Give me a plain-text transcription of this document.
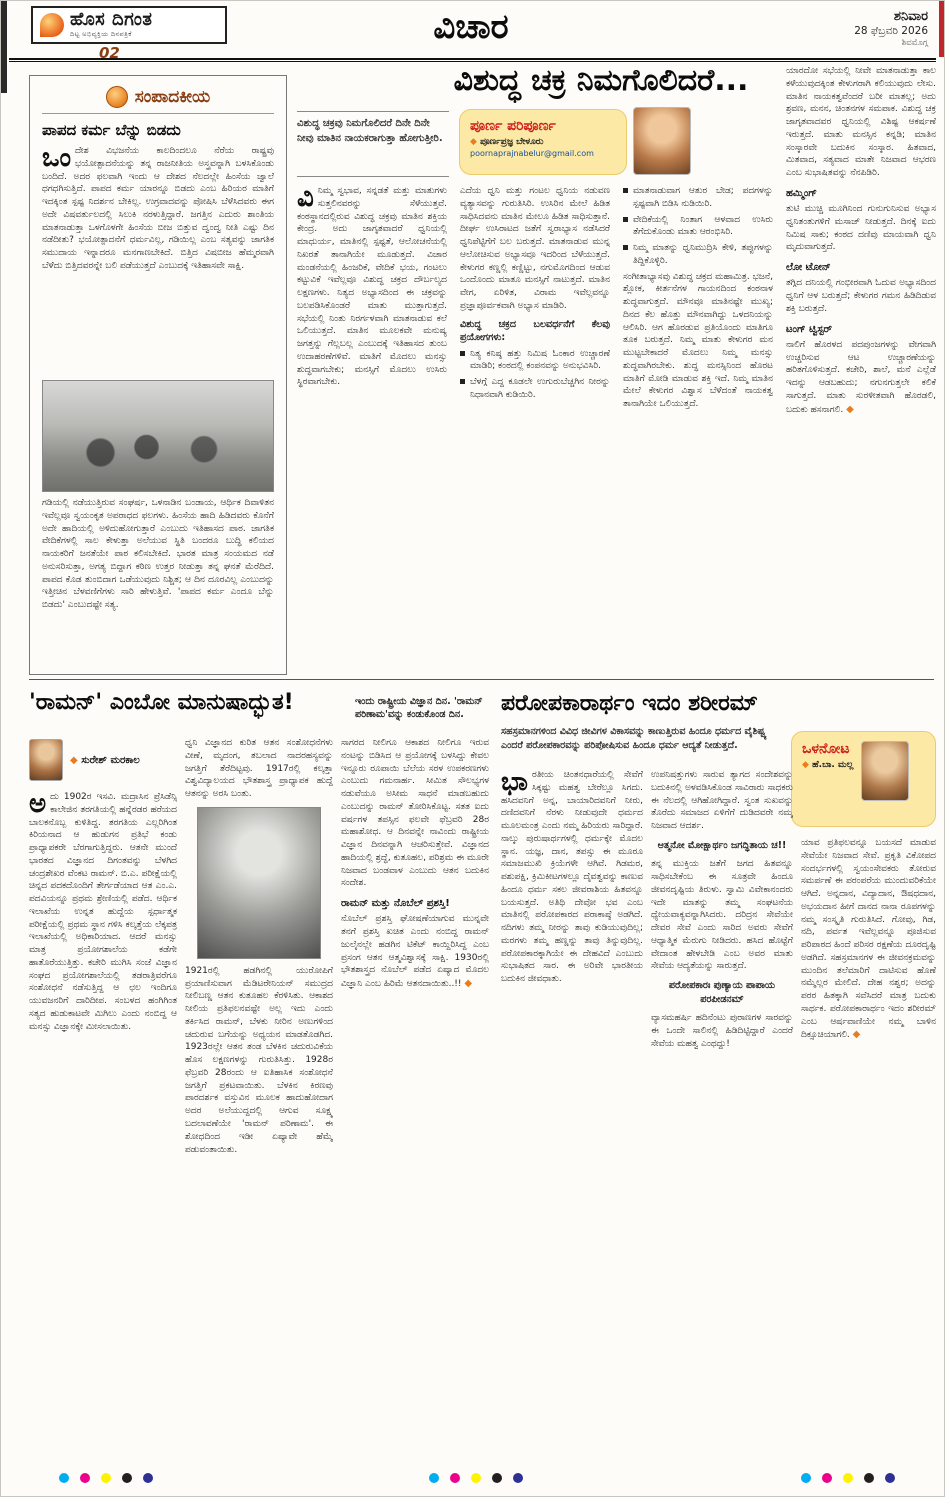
ಹೊಸ ದಿಗಂತ
ದಿಟ್ಟ ಅಭಿವ್ಯಕ್ತಿಯ ದಿನಪತ್ರಿಕೆ
02
ವಿಚಾರ	ಶನಿವಾರ
28 ಫೆಬ್ರವರಿ 2026
ಶಿವಮೊಗ್ಗ
ಸಂಪಾದಕೀಯ
ಪಾಪದ ಕರ್ಮ ಬೆನ್ನು ಬಿಡದು
ಒಂದೇಶ ವಿಭಜನೆಯ ಕಾಲದಿಂದಲೂ ನೆರೆಯ ರಾಷ್ಟ್ರವು ಭಯೋತ್ಪಾದನೆಯನ್ನು ತನ್ನ ರಾಜನೀತಿಯ ಅಸ್ತ್ರವನ್ನಾಗಿ ಬಳಸಿಕೊಂಡು ಬಂದಿದೆ. ಅದರ ಫಲವಾಗಿ ಇಂದು ಆ ದೇಶದ ನೆಲದಲ್ಲೇ ಹಿಂಸೆಯ ಜ್ವಾಲೆ ಧಗಧಗಿಸುತ್ತಿದೆ. ಪಾಪದ ಕರ್ಮ ಯಾರನ್ನೂ ಬಿಡದು ಎಂಬ ಹಿರಿಯರ ಮಾತಿಗೆ ಇದಕ್ಕಿಂತ ಸ್ಪಷ್ಟ ನಿದರ್ಶನ ಬೇಕಿಲ್ಲ. ಉಗ್ರವಾದವನ್ನು ಪೋಷಿಸಿ ಬೆಳೆಸಿದವರು ಈಗ ಅದೇ ವಿಷವರ್ತುಲದಲ್ಲಿ ಸಿಲುಕಿ ನರಳುತ್ತಿದ್ದಾರೆ. ಜಗತ್ತಿನ ಎದುರು ಶಾಂತಿಯ ಮಾತನಾಡುತ್ತಾ ಒಳಗೊಳಗೇ ಹಿಂಸೆಯ ಬೀಜ ಬಿತ್ತುವ ದ್ವಂದ್ವ ನೀತಿ ಎಷ್ಟು ದಿನ ನಡೆದೀತು? ಭಯೋತ್ಪಾದನೆಗೆ ಧರ್ಮವಿಲ್ಲ, ಗಡಿಯಿಲ್ಲ ಎಂಬ ಸತ್ಯವನ್ನು ಜಾಗತಿಕ ಸಮುದಾಯ ಇನ್ನಾದರೂ ಮನಗಾಣಬೇಕಿದೆ. ಬಿತ್ತಿದ ವಿಷಬೀಜ ಹೆಮ್ಮರವಾಗಿ ಬೆಳೆದು ಬಿತ್ತಿದವರನ್ನೇ ಬಲಿ ಪಡೆಯುತ್ತದೆ ಎಂಬುದಕ್ಕೆ ಇತಿಹಾಸವೇ ಸಾಕ್ಷಿ.
ಗಡಿಯಲ್ಲಿ ನಡೆಯುತ್ತಿರುವ ಸಂಘರ್ಷ, ಒಳನಾಡಿನ ಬಂಡಾಯ, ಆರ್ಥಿಕ ದಿವಾಳಿತನ ಇವೆಲ್ಲವೂ ಸ್ವಯಂಕೃತ ಅಪರಾಧದ ಫಲಗಳು. ಹಿಂಸೆಯ ಹಾದಿ ಹಿಡಿದವರು ಕೊನೆಗೆ ಅದೇ ಹಾದಿಯಲ್ಲಿ ಅಳಿದುಹೋಗುತ್ತಾರೆ ಎಂಬುದು ಇತಿಹಾಸದ ಪಾಠ. ಜಾಗತಿಕ ವೇದಿಕೆಗಳಲ್ಲಿ ಸಾಲ ಕೇಳುತ್ತಾ ಅಲೆಯುವ ಸ್ಥಿತಿ ಬಂದರೂ ಬುದ್ಧಿ ಕಲಿಯದ ನಾಯಕರಿಗೆ ಜನತೆಯೇ ಪಾಠ ಕಲಿಸಬೇಕಿದೆ. ಭಾರತ ಮಾತ್ರ ಸಂಯಮದ ನಡೆ ಅನುಸರಿಸುತ್ತಾ, ಅಗತ್ಯ ಬಿದ್ದಾಗ ಕಠಿಣ ಉತ್ತರ ನೀಡುತ್ತಾ ತನ್ನ ಘನತೆ ಮೆರೆದಿದೆ. ಪಾಪದ ಕೊಡ ತುಂಬಿದಾಗ ಒಡೆಯುವುದು ನಿಶ್ಚಿತ; ಆ ದಿನ ದೂರವಿಲ್ಲ ಎಂಬುದನ್ನು ಇತ್ತೀಚಿನ ಬೆಳವಣಿಗೆಗಳು ಸಾರಿ ಹೇಳುತ್ತಿವೆ. 'ಪಾಪದ ಕರ್ಮ ಎಂದೂ ಬೆನ್ನು ಬಿಡದು' ಎಂಬುದಷ್ಟೇ ಸತ್ಯ.
ವಿಶುದ್ಧ ಚಕ್ರ ನಿಮಗೊಲಿದರೆ...
ವಿಶುದ್ಧ ಚಕ್ರವು ನಿಮಗೊಲಿದರೆ ದಿನೇ ದಿನೇ ನೀವು ಮಾತಿನ ನಾಯಕರಾಗುತ್ತಾ ಹೋಗುತ್ತೀರಿ.
ಪೂರ್ಣ ಪರಿಪೂರ್ಣ
◆ ಪೂರ್ಣಪ್ರಜ್ಞ ಬೇಳೂರು
poornaprajnabelur@gmail.com
ವಿನಿಮ್ಮ ಸ್ವಭಾವ, ಸನ್ನಡತೆ ಮತ್ತು ಮಾತುಗಳು ಸುತ್ತಲಿನವರನ್ನು ಸೆಳೆಯುತ್ತವೆ. ಕಂಠಸ್ಥಾನದಲ್ಲಿರುವ ವಿಶುದ್ಧ ಚಕ್ರವು ಮಾತಿನ ಶಕ್ತಿಯ ಕೇಂದ್ರ. ಅದು ಜಾಗೃತವಾದರೆ ಧ್ವನಿಯಲ್ಲಿ ಮಾಧುರ್ಯ, ಮಾತಿನಲ್ಲಿ ಸ್ಪಷ್ಟತೆ, ಆಲೋಚನೆಯಲ್ಲಿ ನಿಖರತೆ ತಾನಾಗಿಯೇ ಮೂಡುತ್ತದೆ. ವಿಚಾರ ಮಂಡನೆಯಲ್ಲಿ ಹಿಂಜರಿಕೆ, ವೇದಿಕೆ ಭಯ, ಗಂಟಲು ಕಟ್ಟುವಿಕೆ ಇವೆಲ್ಲವೂ ವಿಶುದ್ಧ ಚಕ್ರದ ದೌರ್ಬಲ್ಯದ ಲಕ್ಷಣಗಳು. ನಿತ್ಯದ ಅಭ್ಯಾಸದಿಂದ ಈ ಚಕ್ರವನ್ನು ಬಲಪಡಿಸಿಕೊಂಡರೆ ಮಾತು ಮುತ್ತಾಗುತ್ತದೆ. ಸಭೆಯಲ್ಲಿ ನಿಂತು ನಿರರ್ಗಳವಾಗಿ ಮಾತನಾಡುವ ಕಲೆ ಒಲಿಯುತ್ತದೆ. ಮಾತಿನ ಮೂಲಕವೇ ಮನುಷ್ಯ ಜಗತ್ತನ್ನು ಗೆಲ್ಲಬಲ್ಲ ಎಂಬುದಕ್ಕೆ ಇತಿಹಾಸದ ತುಂಬ ಉದಾಹರಣೆಗಳಿವೆ. ಮಾತಿಗೆ ಮೊದಲು ಮನಸ್ಸು ಶುದ್ಧವಾಗಬೇಕು; ಮನಸ್ಸಿಗೆ ಮೊದಲು ಉಸಿರು ಸ್ಥಿರವಾಗಬೇಕು.
ಎದೆಯ ಧ್ವನಿ ಮತ್ತು ಗಂಟಲ ಧ್ವನಿಯ ನಡುವಣ ವ್ಯತ್ಯಾಸವನ್ನು ಗುರುತಿಸಿರಿ. ಉಸಿರಿನ ಮೇಲೆ ಹಿಡಿತ ಸಾಧಿಸಿದವನು ಮಾತಿನ ಮೇಲೂ ಹಿಡಿತ ಸಾಧಿಸುತ್ತಾನೆ. ದೀರ್ಘ ಉಸಿರಾಟದ ಜತೆಗೆ ಸ್ವರಾಭ್ಯಾಸ ನಡೆಸಿದರೆ ಧ್ವನಿಪೆಟ್ಟಿಗೆಗೆ ಬಲ ಬರುತ್ತದೆ. ಮಾತನಾಡುವ ಮುನ್ನ ಆಲೋಚಿಸುವ ಅಭ್ಯಾಸವೂ ಇದರಿಂದ ಬೆಳೆಯುತ್ತದೆ. ಕೇಳುಗರ ಕಣ್ಣಲ್ಲಿ ಕಣ್ಣಿಟ್ಟು, ನಗುಮೊಗದಿಂದ ಆಡುವ ಒಂದೊಂದು ಮಾತೂ ಮನಸ್ಸಿಗೆ ನಾಟುತ್ತದೆ. ಮಾತಿನ ವೇಗ, ಏರಿಳಿತ, ವಿರಾಮ ಇವೆಲ್ಲವನ್ನೂ ಪ್ರಜ್ಞಾಪೂರ್ವಕವಾಗಿ ಅಭ್ಯಾಸ ಮಾಡಿರಿ.
ವಿಶುದ್ಧ ಚಕ್ರದ ಬಲವರ್ಧನೆಗೆ ಕೆಲವು ಪ್ರಯೋಗಗಳು:
ನಿತ್ಯ ಕನಿಷ್ಠ ಹತ್ತು ನಿಮಿಷ ಓಂಕಾರ ಉಚ್ಚಾರಣೆ ಮಾಡಿರಿ; ಕಂಠದಲ್ಲಿ ಕಂಪನವನ್ನು ಅನುಭವಿಸಿರಿ.
ಬೆಳಗ್ಗೆ ಎದ್ದ ಕೂಡಲೇ ಉಗುರುಬೆಚ್ಚಗಿನ ನೀರನ್ನು ನಿಧಾನವಾಗಿ ಕುಡಿಯಿರಿ.
ಮಾತನಾಡುವಾಗ ಆತುರ ಬೇಡ; ಪದಗಳನ್ನು ಸ್ಪಷ್ಟವಾಗಿ ಬಿಡಿಸಿ ನುಡಿಯಿರಿ.
ವೇದಿಕೆಯಲ್ಲಿ ನಿಂತಾಗ ಆಳವಾದ ಉಸಿರು ತೆಗೆದುಕೊಂಡು ಮಾತು ಆರಂಭಿಸಿರಿ.
ನಿಮ್ಮ ಮಾತನ್ನು ಧ್ವನಿಮುದ್ರಿಸಿ ಕೇಳಿ, ತಪ್ಪುಗಳನ್ನು ತಿದ್ದಿಕೊಳ್ಳಿರಿ.
ಸಂಗೀತಾಭ್ಯಾಸವು ವಿಶುದ್ಧ ಚಕ್ರದ ಮಹಾಮಿತ್ರ. ಭಜನೆ, ಶ್ಲೋಕ, ಕೀರ್ತನೆಗಳ ಗಾಯನದಿಂದ ಕಂಠನಾಳ ಶುದ್ಧವಾಗುತ್ತದೆ. ಮೌನವೂ ಮಾತಿನಷ್ಟೇ ಮುಖ್ಯ; ದಿನದ ಕೆಲ ಹೊತ್ತು ಮೌನವಾಗಿದ್ದು ಒಳದನಿಯನ್ನು ಆಲಿಸಿರಿ. ಆಗ ಹೊರಡುವ ಪ್ರತಿಯೊಂದು ಮಾತಿಗೂ ತೂಕ ಬರುತ್ತದೆ. ನಿಮ್ಮ ಮಾತು ಕೇಳುಗರ ಮನ ಮುಟ್ಟಬೇಕಾದರೆ ಮೊದಲು ನಿಮ್ಮ ಮನಸ್ಸು ಶುದ್ಧವಾಗಿರಬೇಕು. ಶುದ್ಧ ಮನಸ್ಸಿನಿಂದ ಹೊರಟ ಮಾತಿಗೆ ಮೋಡಿ ಮಾಡುವ ಶಕ್ತಿ ಇದೆ. ನಿಮ್ಮ ಮಾತಿನ ಮೇಲೆ ಕೇಳುಗರ ವಿಶ್ವಾಸ ಬೆಳೆದಂತೆ ನಾಯಕತ್ವ ತಾನಾಗಿಯೇ ಒಲಿಯುತ್ತದೆ.
ಯಾರದೋ ಸಭೆಯಲ್ಲಿ ನೀವೇ ಮಾತನಾಡುತ್ತಾ ಕಾಲ ಕಳೆಯುವುದಕ್ಕಿಂತ ಕೇಳುಗರಾಗಿ ಕಲಿಯುವುದು ಲೇಸು. ಮಾತಿನ ನಾಯಕತ್ವವೆಂದರೆ ಬರೀ ಮಾತಲ್ಲ; ಅದು ಶ್ರವಣ, ಮನನ, ಚಿಂತನಗಳ ಸಮಪಾಕ. ವಿಶುದ್ಧ ಚಕ್ರ ಜಾಗೃತವಾದವರ ಧ್ವನಿಯಲ್ಲಿ ವಿಶಿಷ್ಟ ಆಕರ್ಷಣೆ ಇರುತ್ತದೆ. ಮಾತು ಮನಸ್ಸಿನ ಕನ್ನಡಿ; ಮಾತಿನ ಸಂಸ್ಕಾರವೇ ಬದುಕಿನ ಸಂಸ್ಕಾರ. ಹಿತವಾದ, ಮಿತವಾದ, ಸತ್ಯವಾದ ಮಾತೇ ನಿಜವಾದ ಆಭರಣ ಎಂಬ ಸುಭಾಷಿತವನ್ನು ನೆನಪಿಡಿರಿ.
ಹಮ್ಮಿಂಗ್
ತುಟಿ ಮುಚ್ಚಿ ಮೂಗಿನಿಂದ ಗುನುಗುನಿಸುವ ಅಭ್ಯಾಸ ಧ್ವನಿತಂತುಗಳಿಗೆ ಮಸಾಜ್ ನೀಡುತ್ತದೆ. ದಿನಕ್ಕೆ ಐದು ನಿಮಿಷ ಸಾಕು; ಕಂಠದ ದಣಿವು ಮಾಯವಾಗಿ ಧ್ವನಿ ಮೃದುವಾಗುತ್ತದೆ.
ಲೋ ಟೋನ್
ತಗ್ಗಿದ ದನಿಯಲ್ಲಿ ಗಂಭೀರವಾಗಿ ಓದುವ ಅಭ್ಯಾಸದಿಂದ ಧ್ವನಿಗೆ ಆಳ ಬರುತ್ತದೆ; ಕೇಳುಗರ ಗಮನ ಹಿಡಿದಿಡುವ ಶಕ್ತಿ ಬರುತ್ತದೆ.
ಟಂಗ್ ಟ್ವಿಸ್ಟರ್
ನಾಲಿಗೆ ಹೊರಳದ ಪದಪುಂಜಗಳನ್ನು ವೇಗವಾಗಿ ಉಚ್ಚರಿಸುವ ಆಟ ಉಚ್ಚಾರಣೆಯನ್ನು ಹರಿತಗೊಳಿಸುತ್ತದೆ. ಕಚೇರಿ, ಶಾಲೆ, ಮನೆ ಎಲ್ಲೆಡೆ ಇದನ್ನು ಆಡಬಹುದು; ನಗುನಗುತ್ತಲೇ ಕಲಿಕೆ ಸಾಗುತ್ತದೆ. ಮಾತು ಸುರಳೀತವಾಗಿ ಹೊರಡಲಿ, ಬದುಕು ಹಸನಾಗಲಿ. ◆
'ರಾಮನ್' ಎಂಬೋ ಮಾನುಷಾದ್ಭುತ!	ಇಂದು ರಾಷ್ಟ್ರೀಯ ವಿಜ್ಞಾನ ದಿನ. 'ರಾಮನ್ ಪರಿಣಾಮ'ವನ್ನು ಕಂಡುಕೊಂಡ ದಿನ.
◆ ಸುರೇಶ್ ಮರಕಾಲ
ಅದು 1902ರ ಇಸವಿ. ಮದ್ರಾಸಿನ ಪ್ರೆಸಿಡೆನ್ಸಿ ಕಾಲೇಜಿನ ತರಗತಿಯಲ್ಲಿ ಹನ್ನೆರಡರ ಹರೆಯದ ಬಾಲಕನೊಬ್ಬ ಕುಳಿತಿದ್ದ. ತರಗತಿಯ ಎಲ್ಲರಿಗಿಂತ ಕಿರಿಯನಾದ ಆ ಹುಡುಗನ ಪ್ರತಿಭೆ ಕಂಡು ಪ್ರಾಧ್ಯಾಪಕರೇ ಬೆರಗಾಗುತ್ತಿದ್ದರು. ಆತನೇ ಮುಂದೆ ಭಾರತದ ವಿಜ್ಞಾನದ ದಿಗಂತವನ್ನು ಬೆಳಗಿದ ಚಂದ್ರಶೇಖರ ವೆಂಕಟ ರಾಮನ್. ಬಿ.ಎ. ಪರೀಕ್ಷೆಯಲ್ಲಿ ಚಿನ್ನದ ಪದಕದೊಂದಿಗೆ ತೇರ್ಗಡೆಯಾದ ಆತ ಎಂ.ಎ. ಪದವಿಯನ್ನೂ ಪ್ರಥಮ ಶ್ರೇಣಿಯಲ್ಲಿ ಪಡೆದ. ಆರ್ಥಿಕ ಇಲಾಖೆಯ ಉನ್ನತ ಹುದ್ದೆಯ ಸ್ಪರ್ಧಾತ್ಮಕ ಪರೀಕ್ಷೆಯಲ್ಲಿ ಪ್ರಥಮ ಸ್ಥಾನ ಗಳಿಸಿ ಕಲ್ಕತ್ತೆಯ ಲೆಕ್ಕಪತ್ರ ಇಲಾಖೆಯಲ್ಲಿ ಅಧಿಕಾರಿಯಾದ. ಆದರೆ ಮನಸ್ಸು ಮಾತ್ರ ಪ್ರಯೋಗಶಾಲೆಯ ಕಡೆಗೇ ಹಾತೊರೆಯುತ್ತಿತ್ತು. ಕಚೇರಿ ಮುಗಿಸಿ ಸಂಜೆ ವಿಜ್ಞಾನ ಸಂಘದ ಪ್ರಯೋಗಶಾಲೆಯಲ್ಲಿ ತಡರಾತ್ರಿವರೆಗೂ ಸಂಶೋಧನೆ ನಡೆಸುತ್ತಿದ್ದ ಆ ಛಲ ಇಂದಿಗೂ ಯುವಜನರಿಗೆ ದಾರಿದೀಪ. ಸಂಬಳದ ಹಂಗಿಗಿಂತ ಸತ್ಯದ ಹುಡುಕಾಟವೇ ಮಿಗಿಲು ಎಂದು ನಂಬಿದ್ದ ಆ ಮನಸ್ಸು ವಿಜ್ಞಾನಕ್ಕೇ ಮೀಸಲಾಯಿತು.
ಧ್ವನಿ ವಿಜ್ಞಾನದ ಕುರಿತ ಆತನ ಸಂಶೋಧನೆಗಳು ವೀಣೆ, ಮೃದಂಗ, ತಬಲಾದ ನಾದರಹಸ್ಯವನ್ನು ಜಗತ್ತಿಗೆ ತೆರೆದಿಟ್ಟವು. 1917ರಲ್ಲಿ ಕಲ್ಕತ್ತಾ ವಿಶ್ವವಿದ್ಯಾಲಯದ ಭೌತಶಾಸ್ತ್ರ ಪ್ರಾಧ್ಯಾಪಕ ಹುದ್ದೆ ಆತನನ್ನು ಅರಸಿ ಬಂತು.
1921ರಲ್ಲಿ ಹಡಗಿನಲ್ಲಿ ಯುರೋಪಿಗೆ ಪ್ರಯಾಣಿಸುವಾಗ ಮೆಡಿಟರೇನಿಯನ್ ಸಮುದ್ರದ ನೀಲಿಬಣ್ಣ ಆತನ ಕುತೂಹಲ ಕೆರಳಿಸಿತು. ಆಕಾಶದ ನೀಲಿಯ ಪ್ರತಿಫಲನವಷ್ಟೇ ಅಲ್ಲ ಇದು ಎಂದು ತರ್ಕಿಸಿದ ರಾಮನ್, ಬೆಳಕು ನೀರಿನ ಅಣುಗಳಿಂದ ಚದುರುವ ಬಗೆಯನ್ನು ಅಧ್ಯಯನ ಮಾಡತೊಡಗಿದ. 1923ರಲ್ಲೇ ಆತನ ತಂಡ ಬೆಳಕಿನ ಚದುರುವಿಕೆಯ ಹೊಸ ಲಕ್ಷಣಗಳನ್ನು ಗುರುತಿಸಿತ್ತು. 1928ರ ಫೆಬ್ರವರಿ 28ರಂದು ಆ ಐತಿಹಾಸಿಕ ಸಂಶೋಧನೆ ಜಗತ್ತಿಗೆ ಪ್ರಕಟವಾಯಿತು. ಬೆಳಕಿನ ಕಿರಣವು ಪಾರದರ್ಶಕ ವಸ್ತುವಿನ ಮೂಲಕ ಹಾದುಹೋದಾಗ ಅದರ ಅಲೆಯುದ್ದದಲ್ಲಿ ಆಗುವ ಸೂಕ್ಷ್ಮ ಬದಲಾವಣೆಯೇ 'ರಾಮನ್ ಪರಿಣಾಮ'. ಈ ಶೋಧದಿಂದ ಇಡೀ ಏಷ್ಯಾವೇ ಹೆಮ್ಮೆ ಪಡುವಂತಾಯಿತು.
ಸಾಗರದ ನೀಲಿಗೂ ಆಕಾಶದ ನೀಲಿಗೂ ಇರುವ ನಂಟನ್ನು ಬಿಡಿಸಿದ ಆ ಪ್ರಯೋಗಕ್ಕೆ ಬಳಸಿದ್ದು ಕೇವಲ ಇನ್ನೂರು ರೂಪಾಯಿ ಬೆಲೆಯ ಸರಳ ಉಪಕರಣಗಳು ಎಂಬುದು ಗಮನಾರ್ಹ. ಸೀಮಿತ ಸೌಲಭ್ಯಗಳ ನಡುವೆಯೂ ಅಸೀಮ ಸಾಧನೆ ಮಾಡಬಹುದು ಎಂಬುದನ್ನು ರಾಮನ್ ತೋರಿಸಿಕೊಟ್ಟ. ಸತತ ಐದು ವರ್ಷಗಳ ತಪಸ್ಸಿನ ಫಲವೇ ಫೆಬ್ರವರಿ 28ರ ಮಹಾಶೋಧ. ಆ ದಿನವನ್ನೇ ನಾವಿಂದು ರಾಷ್ಟ್ರೀಯ ವಿಜ್ಞಾನ ದಿನವನ್ನಾಗಿ ಆಚರಿಸುತ್ತೇವೆ. ವಿಜ್ಞಾನದ ಹಾದಿಯಲ್ಲಿ ಶ್ರದ್ಧೆ, ಕುತೂಹಲ, ಪರಿಶ್ರಮ ಈ ಮೂರೇ ನಿಜವಾದ ಬಂಡವಾಳ ಎಂಬುದು ಆತನ ಬದುಕಿನ ಸಂದೇಶ.
ರಾಮನ್ ಮತ್ತು ನೊಬೆಲ್ ಪ್ರಶಸ್ತಿ!
ನೊಬೆಲ್ ಪ್ರಶಸ್ತಿ ಘೋಷಣೆಯಾಗುವ ಮುನ್ನವೇ ತನಗೆ ಪ್ರಶಸ್ತಿ ಖಚಿತ ಎಂದು ನಂಬಿದ್ದ ರಾಮನ್ ಜುಲೈನಲ್ಲೇ ಹಡಗಿನ ಟಿಕೆಟ್ ಕಾಯ್ದಿರಿಸಿದ್ದ ಎಂಬ ಪ್ರಸಂಗ ಆತನ ಆತ್ಮವಿಶ್ವಾಸಕ್ಕೆ ಸಾಕ್ಷಿ. 1930ರಲ್ಲಿ ಭೌತಶಾಸ್ತ್ರದ ನೊಬೆಲ್ ಪಡೆದ ಏಷ್ಯಾದ ಮೊದಲ ವಿಜ್ಞಾನಿ ಎಂಬ ಹಿರಿಮೆ ಆತನದಾಯಿತು..!! ◆
ಪರೋಪಕಾರಾರ್ಥಂ ಇದಂ ಶರೀರಮ್
ಸಹಸ್ರಮಾನಗಳಿಂದ ವಿವಿಧ ಜೀವಿಗಳ ವಿಕಾಸವನ್ನು ಕಾಣುತ್ತಿರುವ ಹಿಂದೂ ಧರ್ಮದ ವೈಶಿಷ್ಟ್ಯ ಎಂದರೆ ಪರೋಪಕಾರವನ್ನು ಪರಿಪೋಷಿಸುವ ಹಿಂದೂ ಧರ್ಮ ಆದ್ಯತೆ ನೀಡುತ್ತದೆ.	ಒಳನೋಟ
◆ ಹೆ.ಬಾ. ಮಲ್ಲ
ಭಾರತೀಯ ಚಿಂತನಧಾರೆಯಲ್ಲಿ ಸೇವೆಗೆ ಸಿಕ್ಕಷ್ಟು ಮಹತ್ವ ಬೇರೆಲ್ಲೂ ಸಿಗದು. ಹಸಿದವನಿಗೆ ಅನ್ನ, ಬಾಯಾರಿದವನಿಗೆ ನೀರು, ದಣಿದವನಿಗೆ ನೆರಳು ನೀಡುವುದೇ ಧರ್ಮದ ಮೂಲಮಂತ್ರ ಎಂದು ನಮ್ಮ ಹಿರಿಯರು ಸಾರಿದ್ದಾರೆ. ನಾಲ್ಕು ಪುರುಷಾರ್ಥಗಳಲ್ಲಿ ಧರ್ಮಕ್ಕೇ ಮೊದಲ ಸ್ಥಾನ. ಯಜ್ಞ, ದಾನ, ತಪಸ್ಸು ಈ ಮೂರೂ ಸಮಾಜಮುಖಿ ಕ್ರಿಯೆಗಳೇ ಆಗಿವೆ. ಗಿಡಮರ, ಪಶುಪಕ್ಷಿ, ಕ್ರಿಮಿಕೀಟಗಳಲ್ಲೂ ದೈವತ್ವವನ್ನು ಕಾಣುವ ಹಿಂದೂ ಧರ್ಮ ಸಕಲ ಜೀವರಾಶಿಯ ಹಿತವನ್ನೂ ಬಯಸುತ್ತದೆ. ಅತಿಥಿ ದೇವೋ ಭವ ಎಂಬ ಮಾತಿನಲ್ಲಿ ಪರೋಪಕಾರದ ಪರಾಕಾಷ್ಠೆ ಅಡಗಿದೆ. ನದಿಗಳು ತಮ್ಮ ನೀರನ್ನು ತಾವು ಕುಡಿಯುವುದಿಲ್ಲ; ಮರಗಳು ತಮ್ಮ ಹಣ್ಣನ್ನು ತಾವು ತಿನ್ನುವುದಿಲ್ಲ. ಪರೋಪಕಾರಕ್ಕಾಗಿಯೇ ಈ ದೇಹವಿದೆ ಎಂಬುದು ಸುಭಾಷಿತದ ಸಾರ. ಈ ಅರಿವೇ ಭಾರತೀಯ ಬದುಕಿನ ಜೀವಧಾತು.
ಉಪನಿಷತ್ತುಗಳು ಸಾರುವ ತ್ಯಾಗದ ಸಂದೇಶವನ್ನು ಬದುಕಿನಲ್ಲಿ ಅಳವಡಿಸಿಕೊಂಡ ಸಾವಿರಾರು ಸಾಧಕರು ಈ ನೆಲದಲ್ಲಿ ಆಗಿಹೋಗಿದ್ದಾರೆ. ಸ್ವಂತ ಸುಖವನ್ನು ತೊರೆದು ಸಮಾಜದ ಏಳಿಗೆಗೆ ದುಡಿದವರೇ ನಮ್ಮ ನಿಜವಾದ ಆದರ್ಶ.
ಆತ್ಮನೋ ಮೋಕ್ಷಾರ್ಥಂ ಜಗದ್ಧಿತಾಯ ಚ!!
ತನ್ನ ಮುಕ್ತಿಯ ಜತೆಗೆ ಜಗದ ಹಿತವನ್ನೂ ಸಾಧಿಸಬೇಕೆಂಬ ಈ ಸೂತ್ರವೇ ಹಿಂದೂ ಜೀವನದೃಷ್ಟಿಯ ತಿರುಳು. ಸ್ವಾಮಿ ವಿವೇಕಾನಂದರು ಇದೇ ಮಾತನ್ನು ತಮ್ಮ ಸಂಘಟನೆಯ ಧ್ಯೇಯವಾಕ್ಯವನ್ನಾಗಿಸಿದರು. ದರಿದ್ರನ ಸೇವೆಯೇ ದೇವರ ಸೇವೆ ಎಂದು ಸಾರಿದ ಅವರು ಸೇವೆಗೆ ಆಧ್ಯಾತ್ಮಿಕ ಮೆರುಗು ನೀಡಿದರು. ಹಸಿದ ಹೊಟ್ಟೆಗೆ ವೇದಾಂತ ಹೇಳಬೇಡಿ ಎಂಬ ಅವರ ಮಾತು ಸೇವೆಯ ಆದ್ಯತೆಯನ್ನು ಸಾರುತ್ತದೆ.
ಪರೋಪಕಾರಃ ಪುಣ್ಯಾಯ ಪಾಪಾಯ ಪರಪೀಡನಮ್
ವ್ಯಾಸಮಹರ್ಷಿ ಹದಿನೆಂಟು ಪುರಾಣಗಳ ಸಾರವನ್ನು ಈ ಒಂದೇ ಸಾಲಿನಲ್ಲಿ ಹಿಡಿದಿಟ್ಟಿದ್ದಾರೆ ಎಂದರೆ ಸೇವೆಯ ಮಹತ್ವ ಎಂಥದ್ದು!
ಯಾವ ಪ್ರತಿಫಲವನ್ನೂ ಬಯಸದೆ ಮಾಡುವ ಸೇವೆಯೇ ನಿಜವಾದ ಸೇವೆ. ಪ್ರಕೃತಿ ವಿಕೋಪದ ಸಂದರ್ಭಗಳಲ್ಲಿ ಸ್ವಯಂಸೇವಕರು ತೋರುವ ಸಮರ್ಪಣೆ ಈ ಪರಂಪರೆಯ ಮುಂದುವರಿಕೆಯೇ ಆಗಿದೆ. ಅನ್ನದಾನ, ವಿದ್ಯಾದಾನ, ಔಷಧದಾನ, ಅಭಯದಾನ ಹೀಗೆ ದಾನದ ನಾನಾ ರೂಪಗಳನ್ನು ನಮ್ಮ ಸಂಸ್ಕೃತಿ ಗುರುತಿಸಿದೆ. ಗೋವು, ಗಿಡ, ನದಿ, ಪರ್ವತ ಇವೆಲ್ಲವನ್ನೂ ಪೂಜಿಸುವ ಪರಿಪಾಠದ ಹಿಂದೆ ಪರಿಸರ ರಕ್ಷಣೆಯ ದೂರದೃಷ್ಟಿ ಅಡಗಿದೆ. ಸಹಸ್ರಮಾನಗಳ ಈ ಜೀವನಕ್ರಮವನ್ನು ಮುಂದಿನ ತಲೆಮಾರಿಗೆ ದಾಟಿಸುವ ಹೊಣೆ ನಮ್ಮೆಲ್ಲರ ಮೇಲಿದೆ. ದೇಹ ನಶ್ವರ; ಅದನ್ನು ಪರರ ಹಿತಕ್ಕಾಗಿ ಸವೆಸಿದರೆ ಮಾತ್ರ ಬದುಕು ಸಾರ್ಥಕ. ಪರೋಪಕಾರಾರ್ಥಂ ಇದಂ ಶರೀರಮ್ ಎಂಬ ಆರ್ಷವಾಣಿಯೇ ನಮ್ಮ ಬಾಳಿನ ದಿಕ್ಸೂಚಿಯಾಗಲಿ. ◆
